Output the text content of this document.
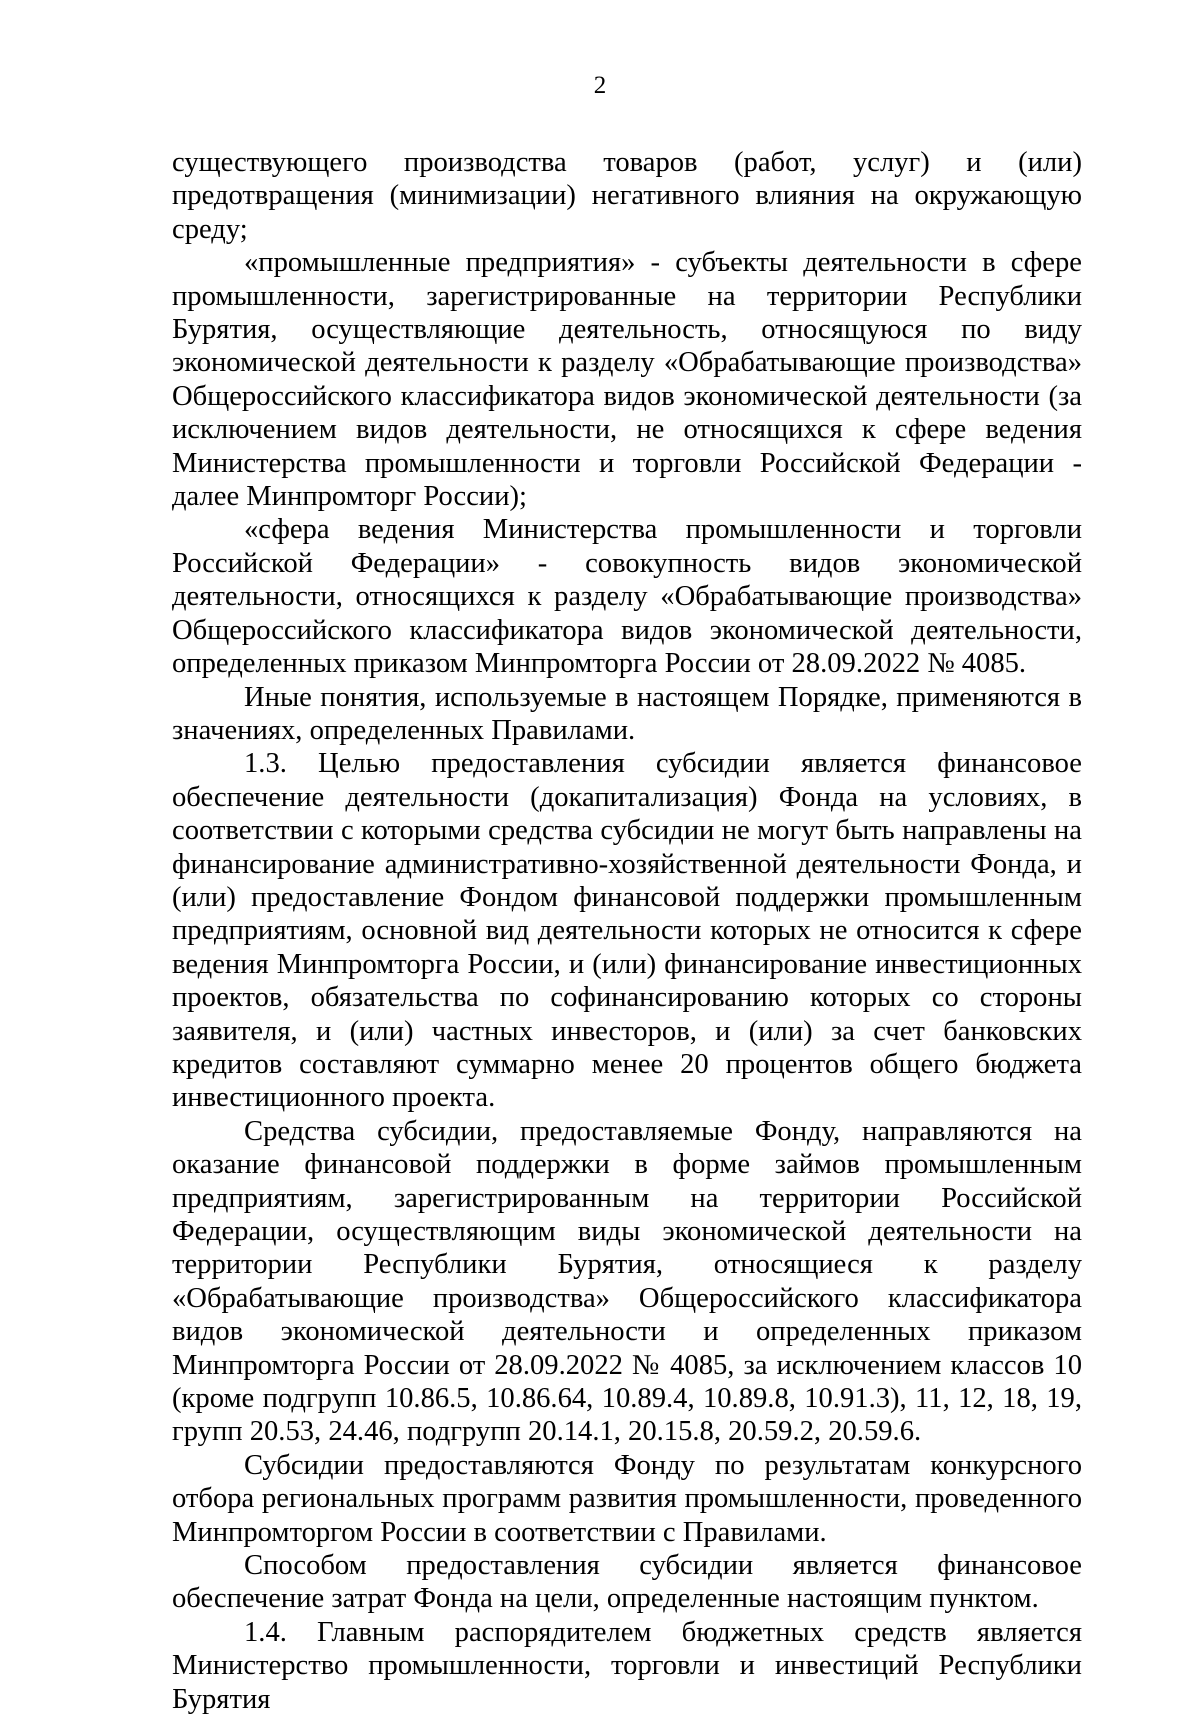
2

существующего производства товаров (работ, услуг) и (или) предотвращения (минимизации) негативного влияния на окружающую среду;

«промышленные предприятия» - субъекты деятельности в сфере промышленности, зарегистрированные на территории Республики Бурятия, осуществляющие деятельность, относящуюся по виду экономической деятельности к разделу «Обрабатывающие производства» Общероссийского классификатора видов экономической деятельности (за исключением видов деятельности, не относящихся к сфере ведения Министерства промышленности и торговли Российской Федерации - далее Минпромторг России);

«сфера ведения Министерства промышленности и торговли Российской Федерации» - совокупность видов экономической деятельности, относящихся к разделу «Обрабатывающие производства» Общероссийского классификатора видов экономической деятельности, определенных приказом Минпромторга России от 28.09.2022 № 4085.

Иные понятия, используемые в настоящем Порядке, применяются в значениях, определенных Правилами.

1.3. Целью предоставления субсидии является финансовое обеспечение деятельности (докапитализация) Фонда на условиях, в соответствии с которыми средства субсидии не могут быть направлены на финансирование административно-хозяйственной деятельности Фонда, и (или) предоставление Фондом финансовой поддержки промышленным предприятиям, основной вид деятельности которых не относится к сфере ведения Минпромторга России, и (или) финансирование инвестиционных проектов, обязательства по софинансированию которых со стороны заявителя, и (или) частных инвесторов, и (или) за счет банковских кредитов составляют суммарно менее 20 процентов общего бюджета инвестиционного проекта.

Средства субсидии, предоставляемые Фонду, направляются на оказание финансовой поддержки в форме займов промышленным предприятиям, зарегистрированным на территории Российской Федерации, осуществляющим виды экономической деятельности на территории Республики Бурятия, относящиеся к разделу «Обрабатывающие производства» Общероссийского классификатора видов экономической деятельности и определенных приказом Минпромторга России от 28.09.2022 № 4085, за исключением классов 10 (кроме подгрупп 10.86.5, 10.86.64, 10.89.4, 10.89.8, 10.91.3), 11, 12, 18, 19, групп 20.53, 24.46, подгрупп 20.14.1, 20.15.8, 20.59.2, 20.59.6.

Субсидии предоставляются Фонду по результатам конкурсного отбора региональных программ развития промышленности, проведенного Минпромторгом России в соответствии с Правилами.

Способом предоставления субсидии является финансовое обеспечение затрат Фонда на цели, определенные настоящим пунктом.

1.4. Главным распорядителем бюджетных средств является Министерство промышленности, торговли и инвестиций Республики Бурятия
